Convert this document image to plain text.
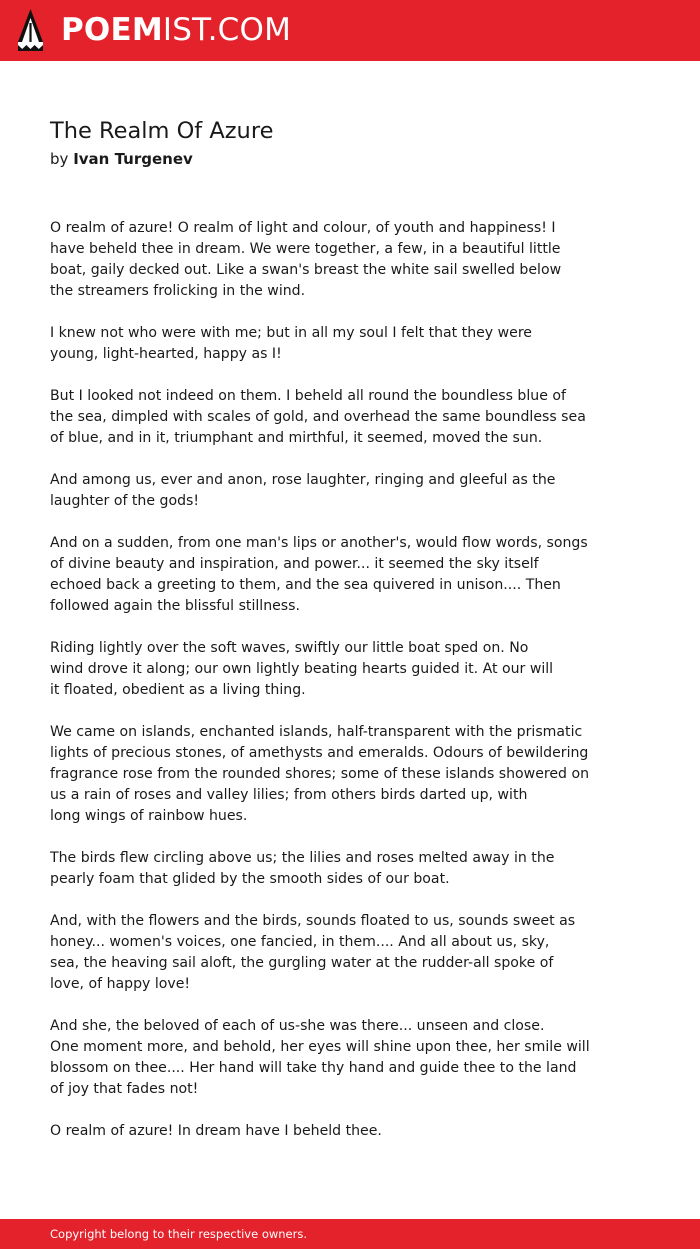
POEMIST.COM
The Realm Of Azure
by Ivan Turgenev

O realm of azure! O realm of light and colour, of youth and happiness! I
have beheld thee in dream. We were together, a few, in a beautiful little
boat, gaily decked out. Like a swan's breast the white sail swelled below
the streamers frolicking in the wind.

I knew not who were with me; but in all my soul I felt that they were
young, light-hearted, happy as I!

But I looked not indeed on them. I beheld all round the boundless blue of
the sea, dimpled with scales of gold, and overhead the same boundless sea
of blue, and in it, triumphant and mirthful, it seemed, moved the sun.

And among us, ever and anon, rose laughter, ringing and gleeful as the
laughter of the gods!

And on a sudden, from one man's lips or another's, would flow words, songs
of divine beauty and inspiration, and power... it seemed the sky itself
echoed back a greeting to them, and the sea quivered in unison.... Then
followed again the blissful stillness.

Riding lightly over the soft waves, swiftly our little boat sped on. No
wind drove it along; our own lightly beating hearts guided it. At our will
it floated, obedient as a living thing.

We came on islands, enchanted islands, half-transparent with the prismatic
lights of precious stones, of amethysts and emeralds. Odours of bewildering
fragrance rose from the rounded shores; some of these islands showered on
us a rain of roses and valley lilies; from others birds darted up, with
long wings of rainbow hues.

The birds flew circling above us; the lilies and roses melted away in the
pearly foam that glided by the smooth sides of our boat.

And, with the flowers and the birds, sounds floated to us, sounds sweet as
honey... women's voices, one fancied, in them.... And all about us, sky,
sea, the heaving sail aloft, the gurgling water at the rudder-all spoke of
love, of happy love!

And she, the beloved of each of us-she was there... unseen and close.
One moment more, and behold, her eyes will shine upon thee, her smile will
blossom on thee.... Her hand will take thy hand and guide thee to the land
of joy that fades not!

O realm of azure! In dream have I beheld thee.

Copyright belong to their respective owners.
